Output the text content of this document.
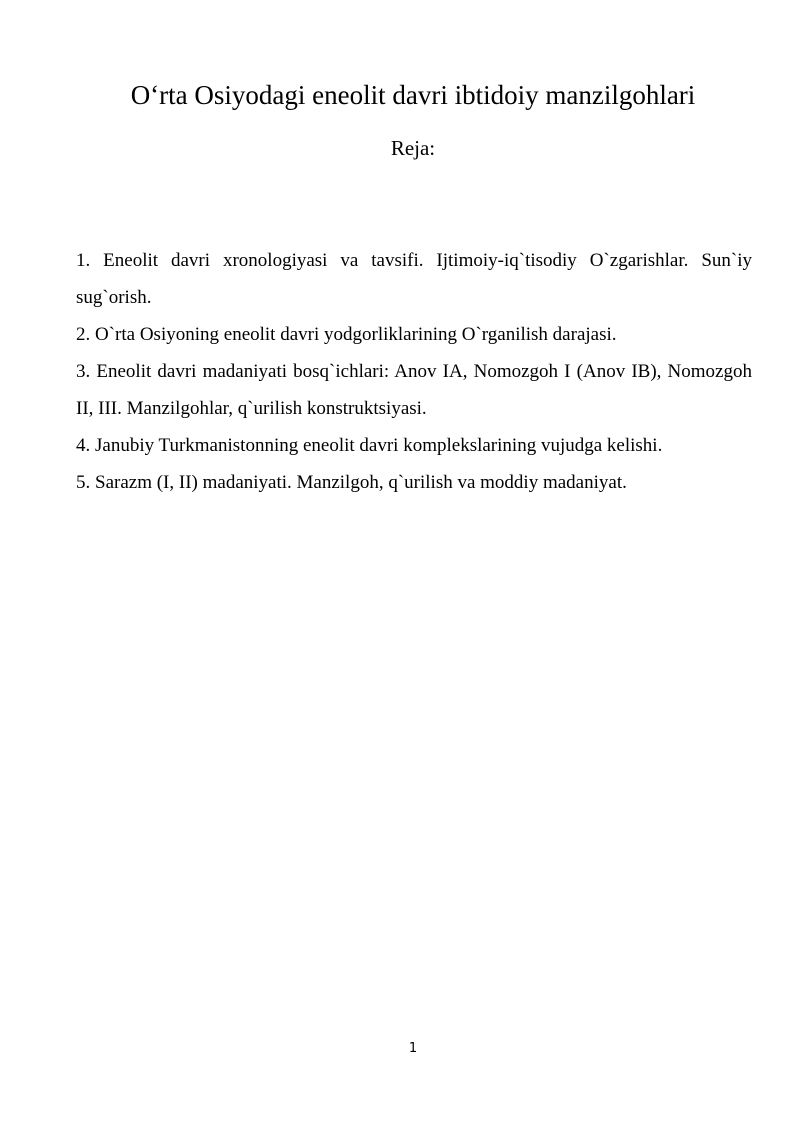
O‘rta Osiyodagi eneolit davri ibtidoiy manzilgohlari
Reja:

1. Eneolit davri xronologiyasi va tavsifi. Ijtimoiy-iq`tisodiy O`zgarishlar. Sun`iy sug`orish.

2. O`rta Osiyoning eneolit davri yodgorliklarining O`rganilish darajasi.

3. Eneolit davri madaniyati bosq`ichlari: Anov IA, Nomozgoh I (Anov IB), Nomozgoh II, III. Manzilgohlar, q`urilish konstruktsiyasi.

4. Janubiy Turkmanistonning eneolit davri komplekslarining vujudga kelishi.

5. Sarazm (I, II) madaniyati. Manzilgoh, q`urilish va moddiy madaniyat.

1
